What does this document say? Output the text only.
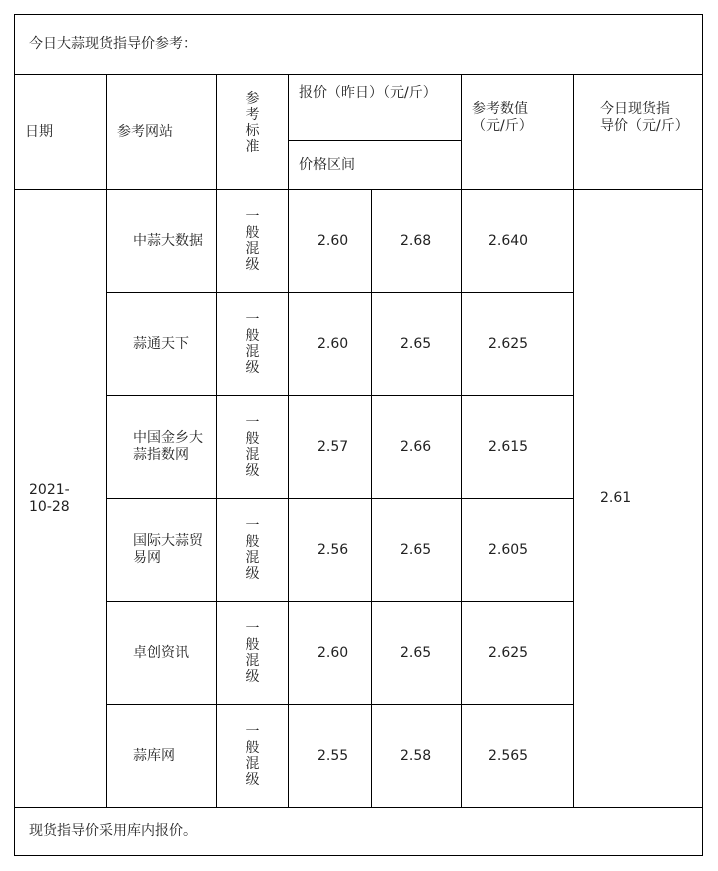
今日大蒜现货指导价参考：						
日期	参考网站	参考标准	报价（昨日）（元/斤）		参考数值（元/斤）	今日现货指导价（元/斤）
			价格区间			
2021-10-28	中蒜大数据	一般混级	2.60	2.68	2.640	2.61
	蒜通天下	一般混级	2.60	2.65	2.625	
	中国金乡大蒜指数网	一般混级	2.57	2.66	2.615	
	国际大蒜贸易网	一般混级	2.56	2.65	2.605	
	卓创资讯	一般混级	2.60	2.65	2.625	
	蒜库网	一般混级	2.55	2.58	2.565	
现货指导价采用库内报价。						
